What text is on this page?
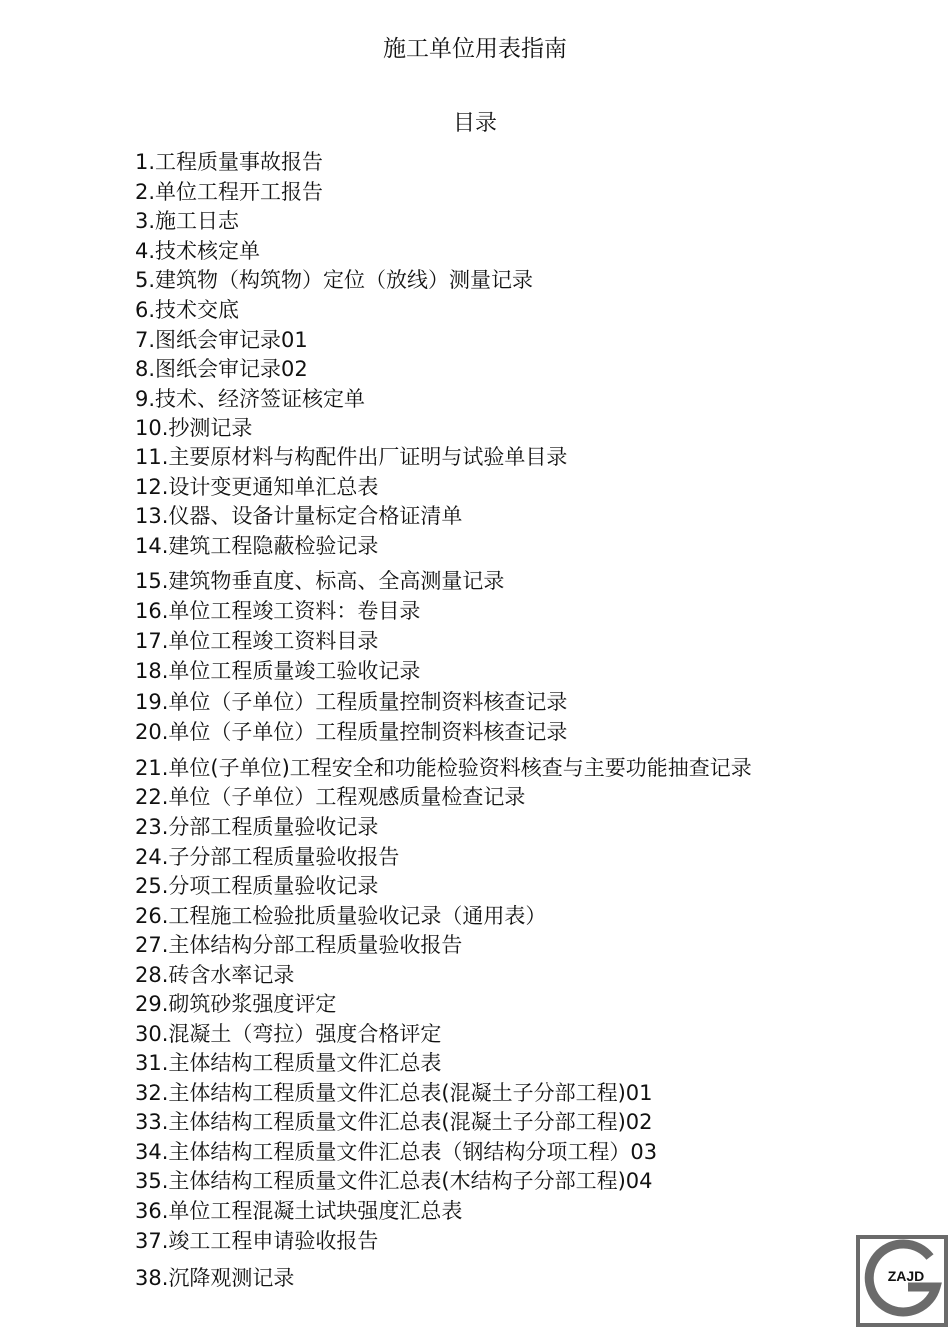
施工单位用表指南
目录
1.工程质量事故报告
2.单位工程开工报告
3.施工日志
4.技术核定单
5.建筑物（构筑物）定位（放线）测量记录
6.技术交底
7.图纸会审记录01
8.图纸会审记录02
9.技术、经济签证核定单
10.抄测记录
11.主要原材料与构配件出厂证明与试验单目录
12.设计变更通知单汇总表
13.仪器、设备计量标定合格证清单
14.建筑工程隐蔽检验记录
15.建筑物垂直度、标高、全高测量记录
16.单位工程竣工资料：卷目录
17.单位工程竣工资料目录
18.单位工程质量竣工验收记录
19.单位（子单位）工程质量控制资料核查记录
20.单位（子单位）工程质量控制资料核查记录
21.单位(子单位)工程安全和功能检验资料核查与主要功能抽查记录
22.单位（子单位）工程观感质量检查记录
23.分部工程质量验收记录
24.子分部工程质量验收报告
25.分项工程质量验收记录
26.工程施工检验批质量验收记录（通用表）
27.主体结构分部工程质量验收报告
28.砖含水率记录
29.砌筑砂浆强度评定
30.混凝土（弯拉）强度合格评定
31.主体结构工程质量文件汇总表
32.主体结构工程质量文件汇总表(混凝土子分部工程)01
33.主体结构工程质量文件汇总表(混凝土子分部工程)02
34.主体结构工程质量文件汇总表（钢结构分项工程）03
35.主体结构工程质量文件汇总表(木结构子分部工程)04
36.单位工程混凝土试块强度汇总表
37.竣工工程申请验收报告
38.沉降观测记录	ZAJD
